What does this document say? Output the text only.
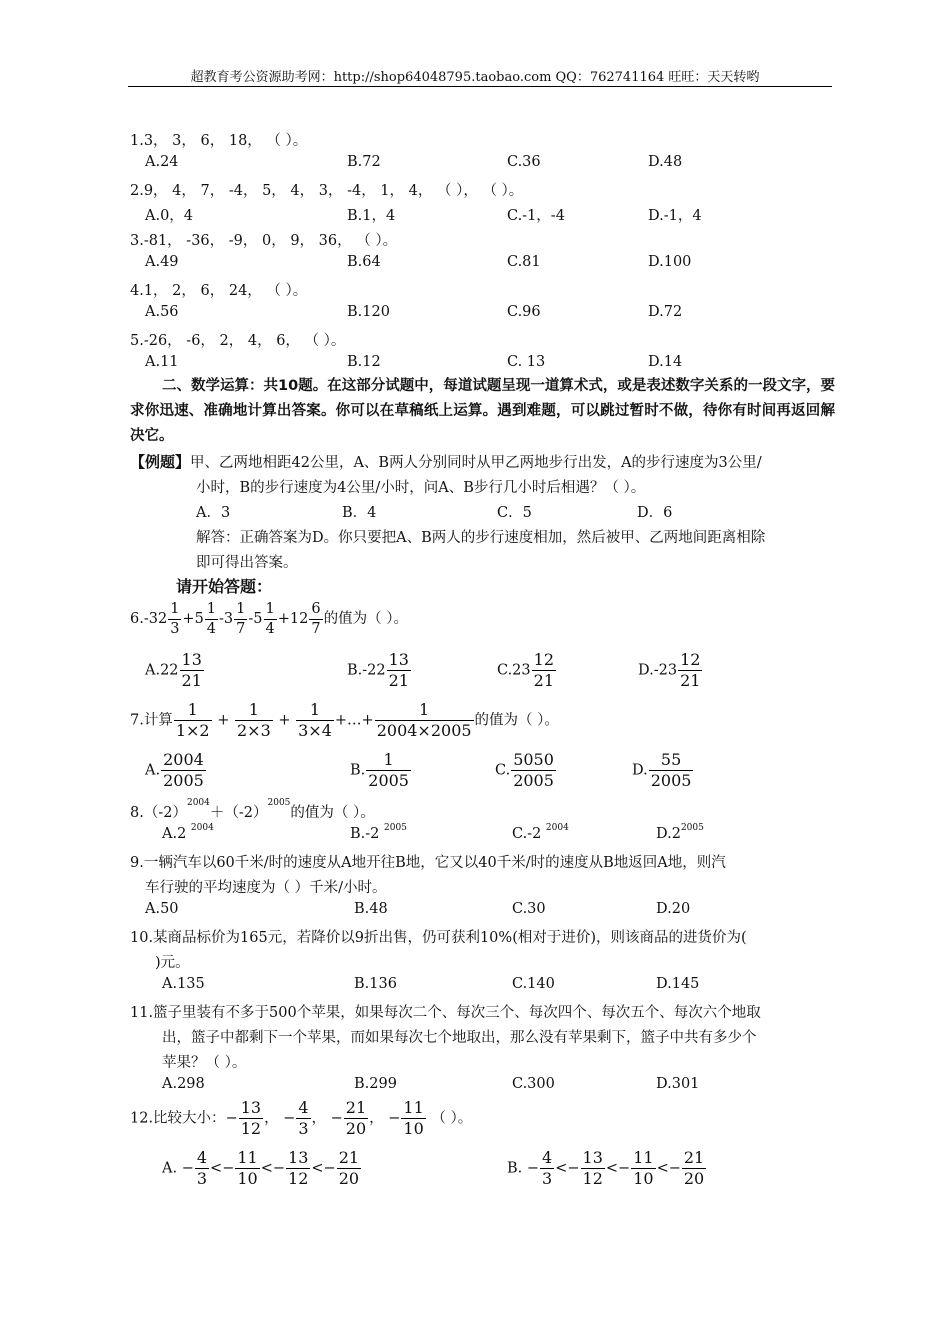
超教育考公资源助考网：http://shop64048795.taobao.com QQ：762741164 旺旺：天天转哟
1.3， 3， 6， 18， （ ）。
A.24	B.72	C.36	D.48
2.9， 4， 7， -4， 5， 4， 3， -4， 1， 4， （ ）， （ ）。
A.0，4	B.1，4	C.-1，-4	D.-1，4
3.-81， -36， -9， 0， 9， 36， （ ）。
A.49	B.64	C.81	D.100
4.1， 2， 6， 24， （ ）。
A.56	B.120	C.96	D.72
5.-26， -6， 2， 4， 6， （ ）。
A.11	B.12	C. 13	D.14
二、数学运算：共10题。在这部分试题中，每道试题呈现一道算术式，或是表述数字关系的一段文字，要求你迅速、准确地计算出答案。你可以在草稿纸上运算。遇到难题，可以跳过暂时不做，待你有时间再返回解决它。
【例题】甲、乙两地相距42公里，A、B两人分别同时从甲乙两地步行出发，A的步行速度为3公里/
小时，B的步行速度为4公里/小时，问A、B步行几小时后相遇？（ ）。
A．3	B．4	C．5	D．6
解答：正确答案为D。你只要把A、B两人的步行速度相加，然后被甲、乙两地间距离相除
即可得出答案。
请开始答题：
$6.-32 \frac{1}{3} +5 \frac{1}{4} -3 \frac{1}{7} -5 \frac{1}{4} +12 \frac{6}{7}$ 的值为（ ）。
$A.22 \frac{13}{21}$	$B.-22 \frac{13}{21}$	$C.23 \frac{12}{21}$	$D.-23 \frac{12}{21}$
7.计算 $\frac{1}{1\times 2} + \frac{1}{2\times 3} + \frac{1}{3\times 4}$ +…+ $\frac{1}{2004\times 2005}$ 的值为（ ）。
A. $\frac{2004}{2005}$	B. $\frac{1}{2005}$	C. $\frac{5050}{2005}$	D. $\frac{55}{2005}$
$8.(-2)^{2004}+(-2)^{2005}$的值为（ ）。
A.2 $^{2004}$	B.-2 $^{2005}$	C.-2 $^{2004}$	$D.2^{2005}$
9.一辆汽车以60千米/时的速度从A地开往B地，它又以40千米/时的速度从B地返回A地，则汽
车行驶的平均速度为（ ）千米/小时。
A.50	B.48	C.30	D.20
10.某商品标价为165元，若降价以9折出售，仍可获利10%(相对于进价)，则该商品的进货价为(
)元。
A.135	B.136	C.140	D.145
11.篮子里装有不多于500个苹果，如果每次二个、每次三个、每次四个、每次五个、每次六个地取
出，篮子中都剩下一个苹果，而如果每次七个地取出，那么没有苹果剩下，篮子中共有多少个
苹果？（ ）。
A.298	B.299	C.300	D.301
12.比较大小：− $\frac{13}{12}$ ， − $\frac{4}{3}$ ， − $\frac{21}{20}$ ， − $\frac{11}{10}$ （ ）。
A. − $\frac{4}{3} <- \frac{11}{10} <- \frac{13}{12} <- \frac{21}{20}$	B. − $\frac{4}{3} <- \frac{13}{12} <- \frac{11}{10} <- \frac{21}{20}$
